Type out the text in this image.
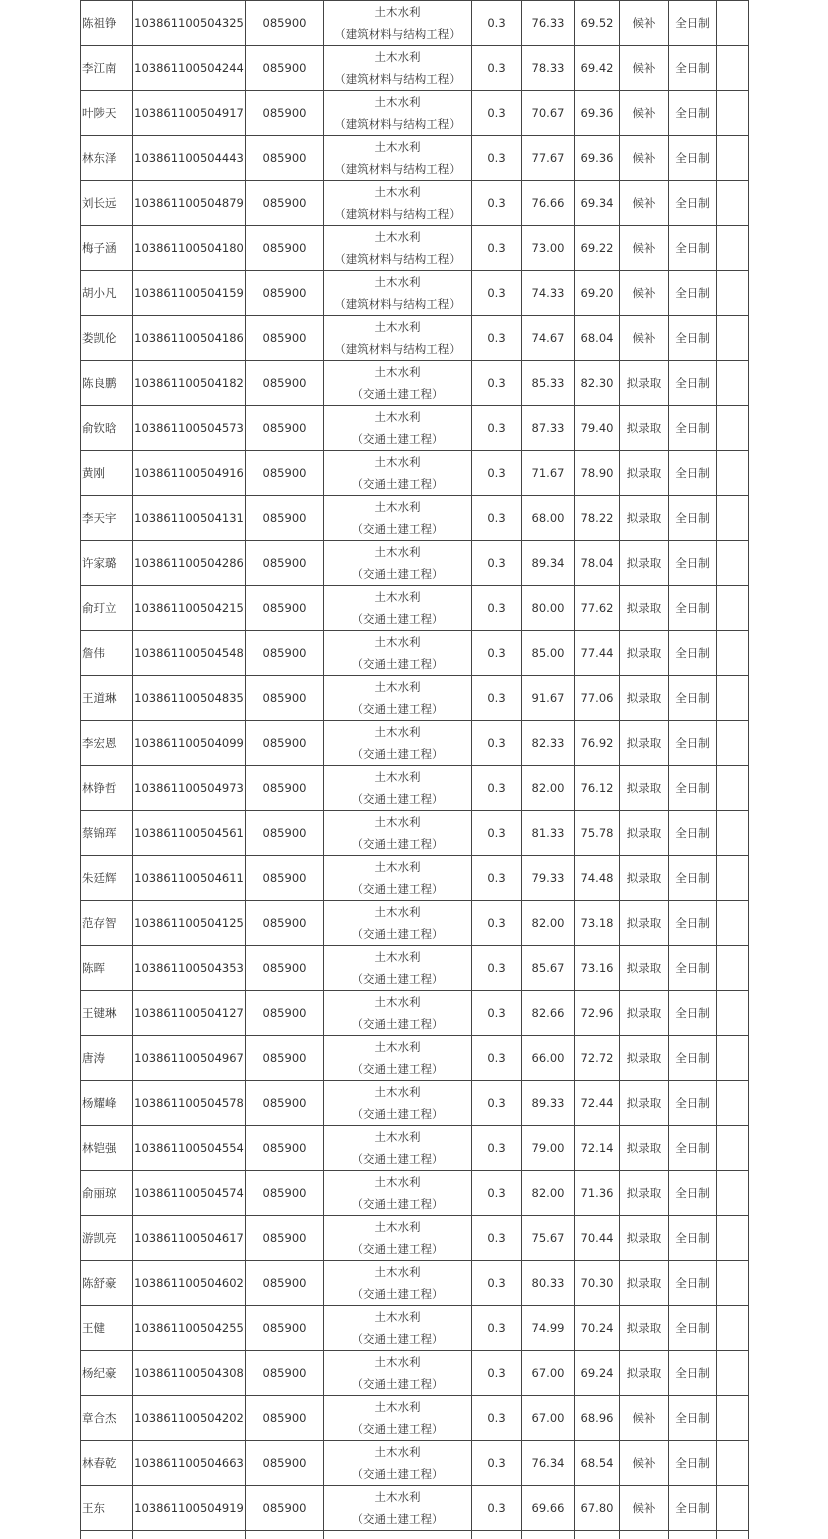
陈祖铮	103861100504325	085900	土木水利
（建筑材料与结构工程）	0.3	76.33	69.52	候补	全日制	
李江南	103861100504244	085900	土木水利
（建筑材料与结构工程）	0.3	78.33	69.42	候补	全日制	
叶陟天	103861100504917	085900	土木水利
（建筑材料与结构工程）	0.3	70.67	69.36	候补	全日制	
林东泽	103861100504443	085900	土木水利
（建筑材料与结构工程）	0.3	77.67	69.36	候补	全日制	
刘长远	103861100504879	085900	土木水利
（建筑材料与结构工程）	0.3	76.66	69.34	候补	全日制	
梅子涵	103861100504180	085900	土木水利
（建筑材料与结构工程）	0.3	73.00	69.22	候补	全日制	
胡小凡	103861100504159	085900	土木水利
（建筑材料与结构工程）	0.3	74.33	69.20	候补	全日制	
娄凯伦	103861100504186	085900	土木水利
（建筑材料与结构工程）	0.3	74.67	68.04	候补	全日制	
陈良鹏	103861100504182	085900	土木水利
（交通土建工程）	0.3	85.33	82.30	拟录取	全日制	
俞钦晗	103861100504573	085900	土木水利
（交通土建工程）	0.3	87.33	79.40	拟录取	全日制	
黄刚	103861100504916	085900	土木水利
（交通土建工程）	0.3	71.67	78.90	拟录取	全日制	
李天宇	103861100504131	085900	土木水利
（交通土建工程）	0.3	68.00	78.22	拟录取	全日制	
许家璐	103861100504286	085900	土木水利
（交通土建工程）	0.3	89.34	78.04	拟录取	全日制	
俞玎立	103861100504215	085900	土木水利
（交通土建工程）	0.3	80.00	77.62	拟录取	全日制	
詹伟	103861100504548	085900	土木水利
（交通土建工程）	0.3	85.00	77.44	拟录取	全日制	
王道琳	103861100504835	085900	土木水利
（交通土建工程）	0.3	91.67	77.06	拟录取	全日制	
李宏恩	103861100504099	085900	土木水利
（交通土建工程）	0.3	82.33	76.92	拟录取	全日制	
林铮哲	103861100504973	085900	土木水利
（交通土建工程）	0.3	82.00	76.12	拟录取	全日制	
蔡锦珲	103861100504561	085900	土木水利
（交通土建工程）	0.3	81.33	75.78	拟录取	全日制	
朱廷辉	103861100504611	085900	土木水利
（交通土建工程）	0.3	79.33	74.48	拟录取	全日制	
范存智	103861100504125	085900	土木水利
（交通土建工程）	0.3	82.00	73.18	拟录取	全日制	
陈晖	103861100504353	085900	土木水利
（交通土建工程）	0.3	85.67	73.16	拟录取	全日制	
王键琳	103861100504127	085900	土木水利
（交通土建工程）	0.3	82.66	72.96	拟录取	全日制	
唐涛	103861100504967	085900	土木水利
（交通土建工程）	0.3	66.00	72.72	拟录取	全日制	
杨耀峰	103861100504578	085900	土木水利
（交通土建工程）	0.3	89.33	72.44	拟录取	全日制	
林铠强	103861100504554	085900	土木水利
（交通土建工程）	0.3	79.00	72.14	拟录取	全日制	
俞丽琼	103861100504574	085900	土木水利
（交通土建工程）	0.3	82.00	71.36	拟录取	全日制	
游凯亮	103861100504617	085900	土木水利
（交通土建工程）	0.3	75.67	70.44	拟录取	全日制	
陈舒豪	103861100504602	085900	土木水利
（交通土建工程）	0.3	80.33	70.30	拟录取	全日制	
王健	103861100504255	085900	土木水利
（交通土建工程）	0.3	74.99	70.24	拟录取	全日制	
杨纪豪	103861100504308	085900	土木水利
（交通土建工程）	0.3	67.00	69.24	拟录取	全日制	
章合杰	103861100504202	085900	土木水利
（交通土建工程）	0.3	67.00	68.96	候补	全日制	
林春乾	103861100504663	085900	土木水利
（交通土建工程）	0.3	76.34	68.54	候补	全日制	
王东	103861100504919	085900	土木水利
（交通土建工程）	0.3	69.66	67.80	候补	全日制	
